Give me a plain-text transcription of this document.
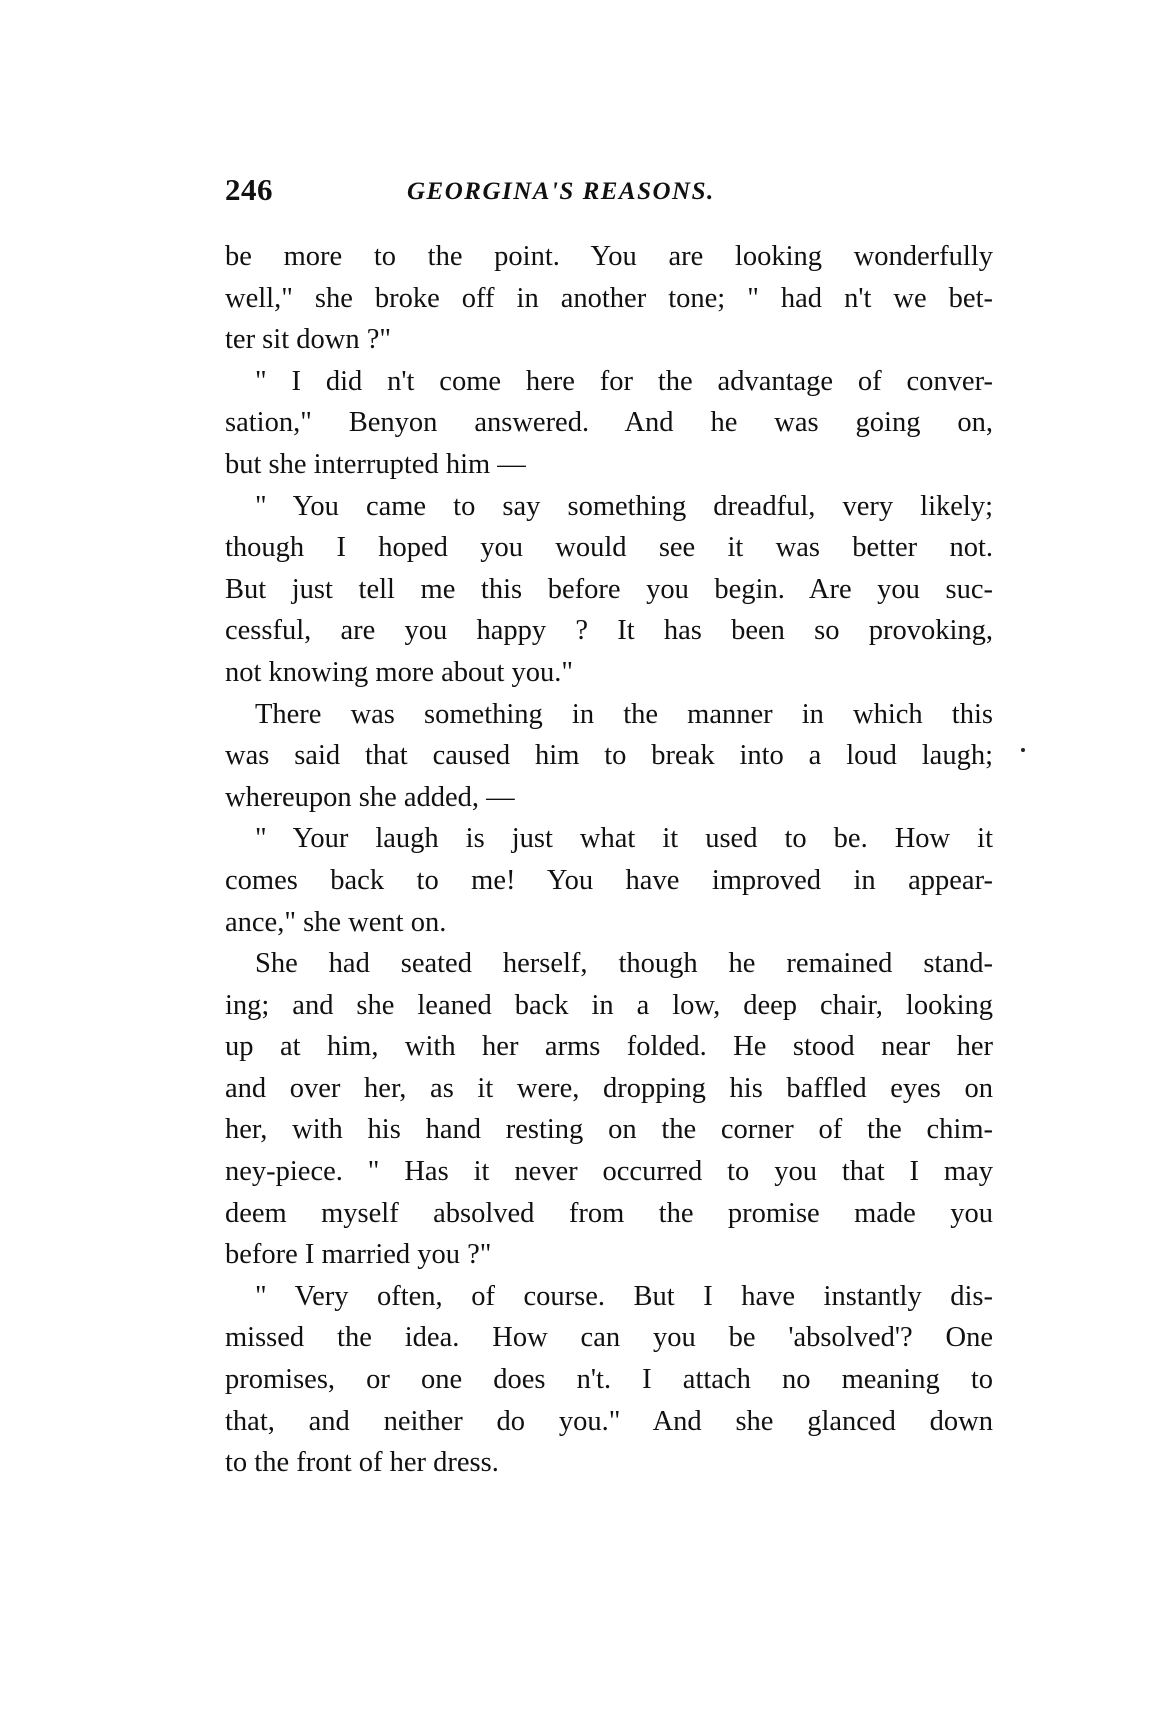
246	GEORGINA'S REASONS.
be more to the point. You are looking wonderfully
well," she broke off in another tone; " had n't we bet-
ter sit down ?"
" I did n't come here for the advantage of conver-
sation," Benyon answered. And he was going on,
but she interrupted him —
" You came to say something dreadful, very likely;
though I hoped you would see it was better not.
But just tell me this before you begin. Are you suc-
cessful, are you happy ? It has been so provoking,
not knowing more about you."
There was something in the manner in which this
was said that caused him to break into a loud laugh;
whereupon she added, —
" Your laugh is just what it used to be. How it
comes back to me! You have improved in appear-
ance," she went on.
She had seated herself, though he remained stand-
ing; and she leaned back in a low, deep chair, looking
up at him, with her arms folded. He stood near her
and over her, as it were, dropping his baffled eyes on
her, with his hand resting on the corner of the chim-
ney-piece. " Has it never occurred to you that I may
deem myself absolved from the promise made you
before I married you ?"
" Very often, of course. But I have instantly dis-
missed the idea. How can you be 'absolved'? One
promises, or one does n't. I attach no meaning to
that, and neither do you." And she glanced down
to the front of her dress.
